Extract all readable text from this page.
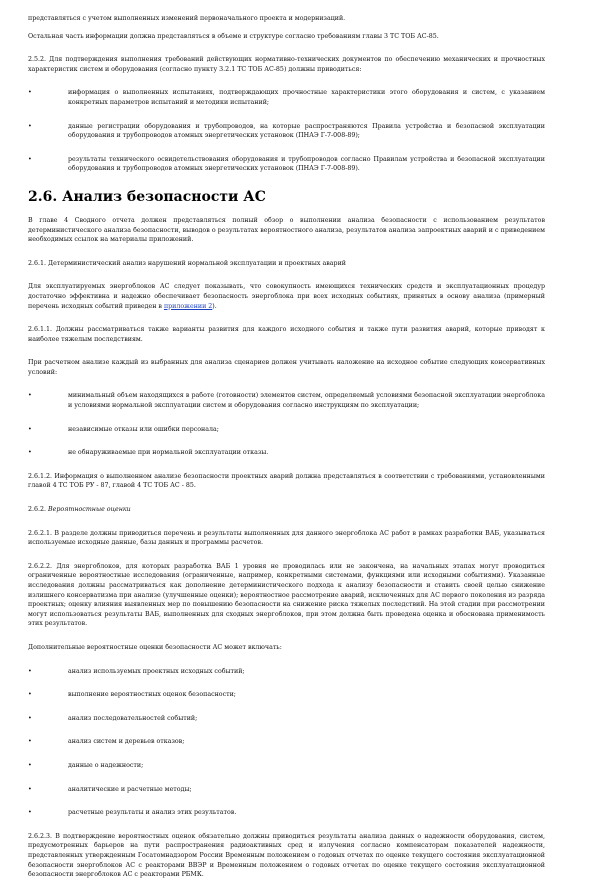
представляться с учетом выполненных изменений первоначального проекта и модернизаций.

Остальная часть информации должна представляться в объеме и структуре согласно требованиям главы 3 ТС ТОБ АС-85.

2.5.2. Для подтверждения выполнения требований действующих нормативно-технических документов по обеспечению механических и прочностных характеристик систем и оборудования (согласно пункту 3.2.1 ТС ТОБ АС-85) должны приводиться:

•	информация о выполненных испытаниях, подтверждающих прочностные характеристики этого оборудования и систем, с указанием конкретных параметров испытаний и методики испытаний;
•	данные регистрации оборудования и трубопроводов, на которые распространяются Правила устройства и безопасной эксплуатации оборудования и трубопроводов атомных энергетических установок (ПНАЭ Г-7-008-89);
•	результаты технического освидетельствования оборудования и трубопроводов согласно Правилам устройства и безопасной эксплуатации оборудования и трубопроводов атомных энергетических установок (ПНАЭ Г-7-008-89).
2.6. Анализ безопасности АС

В главе 4 Сводного отчета должен представляться полный обзор о выполнении анализа безопасности с использованием результатов детерминистического анализа безопасности, выводов о результатах вероятностного анализа, результатов анализа запроектных аварий и с приведением необходимых ссылок на материалы приложений.

2.6.1. Детерминистический анализ нарушений нормальной эксплуатации и проектных аварий

Для эксплуатируемых энергоблоков АС следует показывать, что совокупность имеющихся технических средств и эксплуатационных процедур достаточно эффективна и надежно обеспечивает безопасность энергоблока при всех исходных событиях, принятых в основу анализа (примерный перечень исходных событий приведен в приложении 2).

2.6.1.1. Должны рассматриваться также варианты развития для каждого исходного события и также пути развития аварий, которые приводят к наиболее тяжелым последствиям.

При расчетном анализе каждый из выбранных для анализа сценариев должен учитывать наложение на исходное событие следующих консервативных условий:

•	минимальный объем находящихся в работе (готовности) элементов систем, определяемый условиями безопасной эксплуатации энергоблока и условиями нормальной эксплуатации систем и оборудования согласно инструкциям по эксплуатации;
•	независимые отказы или ошибки персонала;
•	не обнаруживаемые при нормальной эксплуатации отказы.

2.6.1.2. Информация о выполненном анализе безопасности проектных аварий должна представляться в соответствии с требованиями, установленными главой 4 ТС ТОБ РУ - 87, главой 4 ТС ТОБ АС - 85.

2.6.2. Вероятностные оценки

2.6.2.1. В разделе должны приводиться перечень и результаты выполненных для данного энергоблока АС работ в рамках разработки ВАБ, указываться используемые исходные данные, базы данных и программы расчетов.

2.6.2.2. Для энергоблоков, для которых разработка ВАБ 1 уровня не проводилась или не закончена, на начальных этапах могут проводиться ограниченные вероятностные исследования (ограниченные, например, конкретными системами, функциями или исходными событиями). Указанные исследования должны рассматриваться как дополнение детерминистического подхода к анализу безопасности и ставить своей целью снижение излишнего консерватизма при анализе (улучшенные оценки); вероятностное рассмотрение аварий, исключенных для АС первого поколения из разряда проектных; оценку влияния выявленных мер по повышению безопасности на снижение риска тяжелых последствий. На этой стадии при рассмотрении могут использоваться результаты ВАБ, выполненных для сходных энергоблоков, при этом должна быть проведена оценка и обоснована применимость этих результатов.

Дополнительные вероятностные оценки безопасности АС может включать:

•	анализ используемых проектных исходных событий;
•	выполнение вероятностных оценок безопасности;
•	анализ последовательностей событий;
•	анализ систем и деревьев отказов;
•	данные о надежности;
•	аналитические и расчетные методы;
•	расчетные результаты и анализ этих результатов.

2.6.2.3. В подтверждение вероятностных оценок обязательно должны приводиться результаты анализа данных о надежности оборудования, систем, предусмотренных барьеров на пути распространения радиоактивных сред и излучения согласно компенсаторам показателей надежности, представленных утвержденным Госатомнадзором России Временным положением о годовых отчетах по оценке текущего состояния эксплуатационной безопасности энергоблоков АС с реакторами ВВЭР и Временным положением о годовых отчетах по оценке текущего состояния эксплуатационной безопасности энергоблоков АС с реакторами РБМК.
